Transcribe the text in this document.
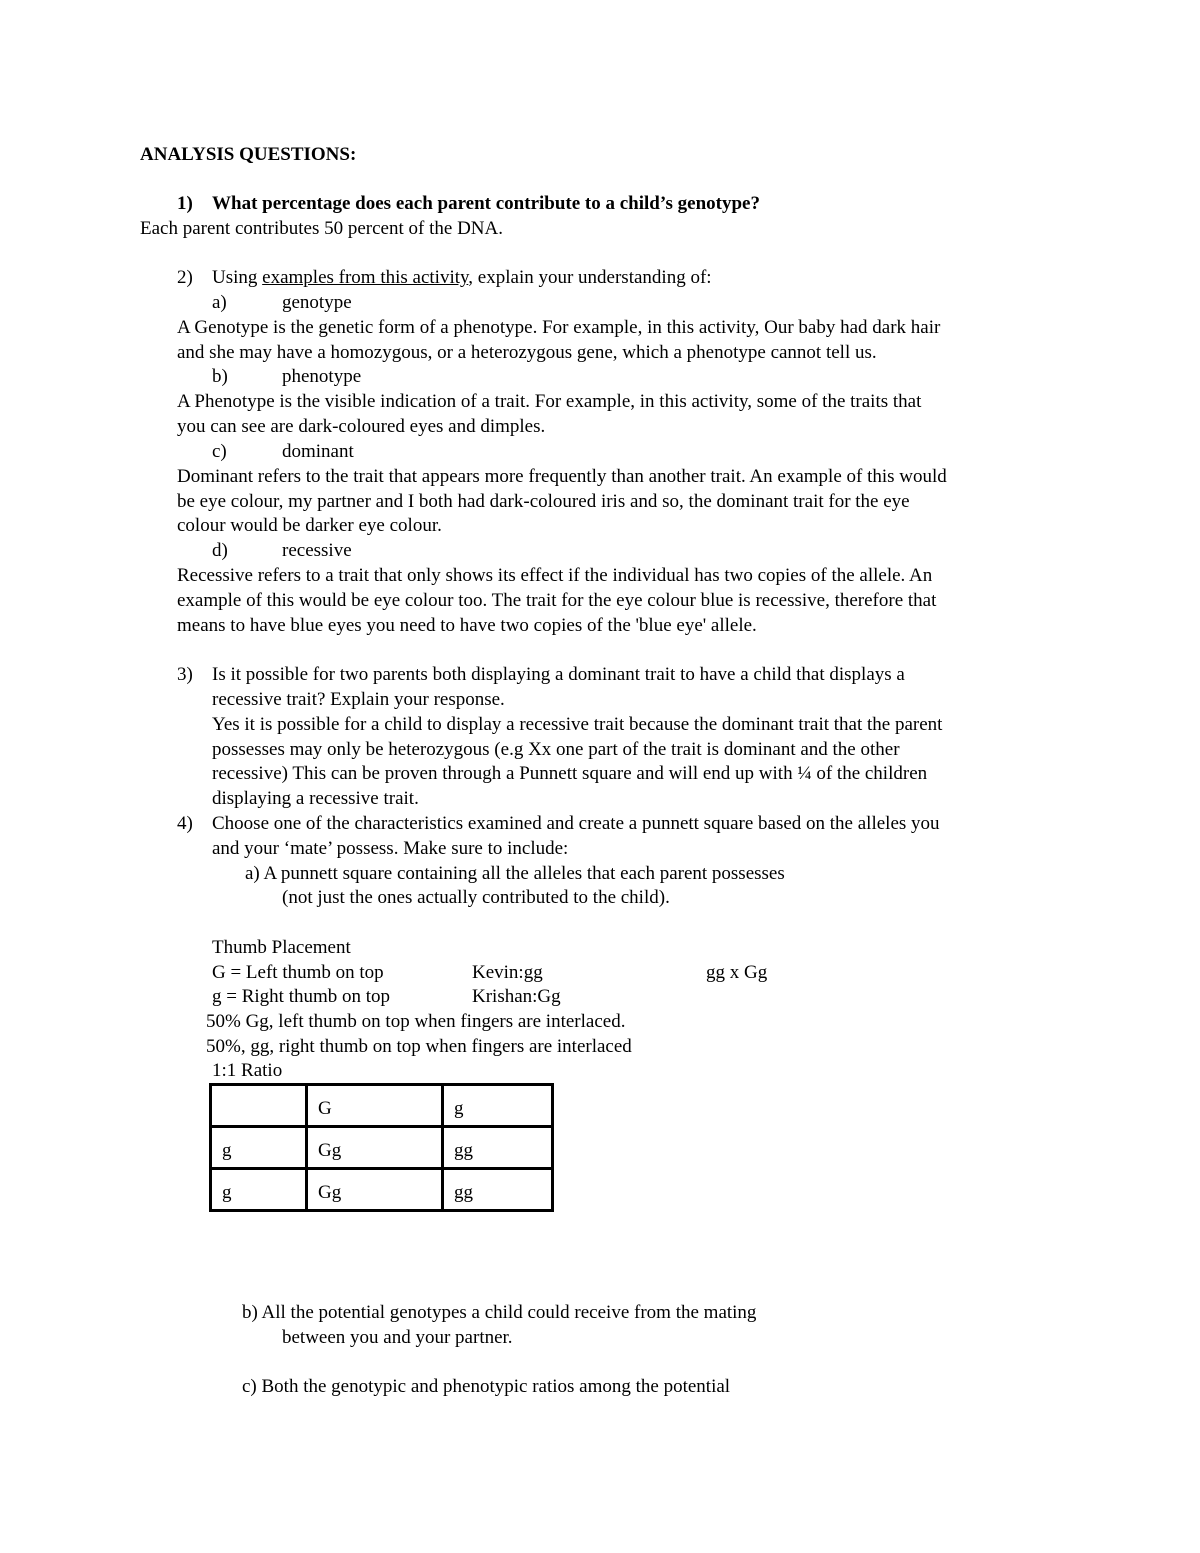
ANALYSIS QUESTIONS:
1) What percentage does each parent contribute to a child’s genotype?
Each parent contributes 50 percent of the DNA.
2) Using examples from this activity, explain your understanding of:
a)	genotype
A Genotype is the genetic form of a phenotype. For example, in this activity, Our baby had dark hair
and she may have a homozygous, or a heterozygous gene, which a phenotype cannot tell us.
b)	phenotype
A Phenotype is the visible indication of a trait. For example, in this activity, some of the traits that
you can see are dark-coloured eyes and dimples.
c)	dominant
Dominant refers to the trait that appears more frequently than another trait. An example of this would
be eye colour, my partner and I both had dark-coloured iris and so, the dominant trait for the eye
colour would be darker eye colour.
d)	recessive
Recessive refers to a trait that only shows its effect if the individual has two copies of the allele. An
example of this would be eye colour too. The trait for the eye colour blue is recessive, therefore that
means to have blue eyes you need to have two copies of the 'blue eye' allele.
3) Is it possible for two parents both displaying a dominant trait to have a child that displays a
recessive trait? Explain your response.
Yes it is possible for a child to display a recessive trait because the dominant trait that the parent
possesses may only be heterozygous (e.g Xx one part of the trait is dominant and the other
recessive) This can be proven through a Punnett square and will end up with ¼ of the children
displaying a recessive trait.
4) Choose one of the characteristics examined and create a punnett square based on the alleles you
and your ‘mate’ possess. Make sure to include:
a) A punnett square containing all the alleles that each parent possesses
(not just the ones actually contributed to the child).
Thumb Placement
G = Left thumb on top	Kevin:gg	gg x Gg
g = Right thumb on top	Krishan:Gg
50% Gg, left thumb on top when fingers are interlaced.
50%, gg, right thumb on top when fingers are interlaced
1:1 Ratio
	G	g
g	Gg	gg
g	Gg	gg
b) All the potential genotypes a child could receive from the mating
between you and your partner.
c) Both the genotypic and phenotypic ratios among the potential
